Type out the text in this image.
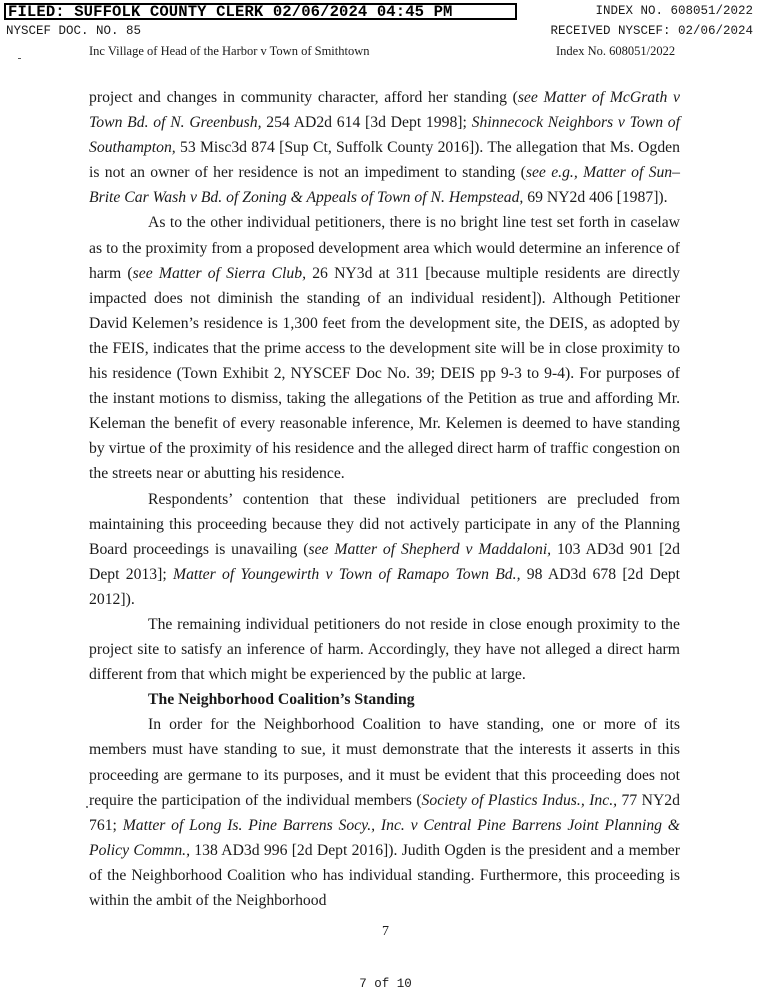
FILED: SUFFOLK COUNTY CLERK 02/06/2024 04:45 PM	INDEX NO. 608051/2022
NYSCEF DOC. NO. 85	RECEIVED NYSCEF: 02/06/2024
Inc Village of Head of the Harbor v Town of Smithtown	Index No. 608051/2022

project and changes in community character, afford her standing (see Matter of McGrath v Town Bd. of N. Greenbush, 254 AD2d 614 [3d Dept 1998]; Shinnecock Neighbors v Town of Southampton, 53 Misc3d 874 [Sup Ct, Suffolk County 2016]). The allegation that Ms. Ogden is not an owner of her residence is not an impediment to standing (see e.g., Matter of Sun–Brite Car Wash v Bd. of Zoning & Appeals of Town of N. Hempstead, 69 NY2d 406 [1987]).

As to the other individual petitioners, there is no bright line test set forth in caselaw as to the proximity from a proposed development area which would determine an inference of harm (see Matter of Sierra Club, 26 NY3d at 311 [because multiple residents are directly impacted does not diminish the standing of an individual resident]). Although Petitioner David Kelemen’s residence is 1,300 feet from the development site, the DEIS, as adopted by the FEIS, indicates that the prime access to the development site will be in close proximity to his residence (Town Exhibit 2, NYSCEF Doc No. 39; DEIS pp 9-3 to 9-4). For purposes of the instant motions to dismiss, taking the allegations of the Petition as true and affording Mr. Keleman the benefit of every reasonable inference, Mr. Kelemen is deemed to have standing by virtue of the proximity of his residence and the alleged direct harm of traffic congestion on the streets near or abutting his residence.

Respondents’ contention that these individual petitioners are precluded from maintaining this proceeding because they did not actively participate in any of the Planning Board proceedings is unavailing (see Matter of Shepherd v Maddaloni, 103 AD3d 901 [2d Dept 2013]; Matter of Youngewirth v Town of Ramapo Town Bd., 98 AD3d 678 [2d Dept 2012]).

The remaining individual petitioners do not reside in close enough proximity to the project site to satisfy an inference of harm. Accordingly, they have not alleged a direct harm different from that which might be experienced by the public at large.

The Neighborhood Coalition’s Standing

In order for the Neighborhood Coalition to have standing, one or more of its members must have standing to sue, it must demonstrate that the interests it asserts in this proceeding are germane to its purposes, and it must be evident that this proceeding does not require the participation of the individual members (Society of Plastics Indus., Inc., 77 NY2d 761; Matter of Long Is. Pine Barrens Socy., Inc. v Central Pine Barrens Joint Planning & Policy Commn., 138 AD3d 996 [2d Dept 2016]). Judith Ogden is the president and a member of the Neighborhood Coalition who has individual standing. Furthermore, this proceeding is within the ambit of the Neighborhood

7
7 of 10
